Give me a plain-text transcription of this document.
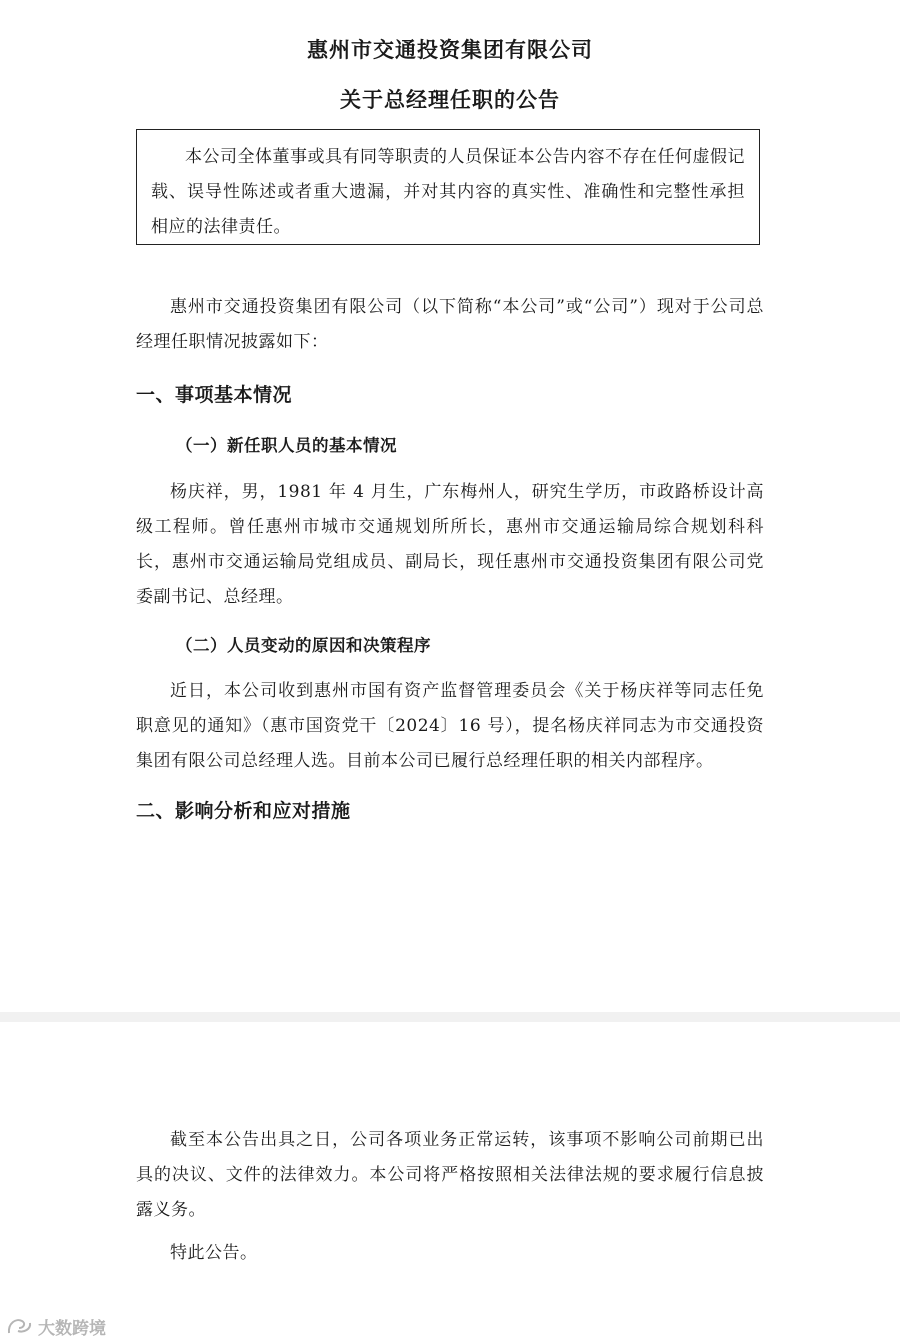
惠州市交通投资集团有限公司
关于总经理任职的公告

本公司全体董事或具有同等职责的人员保证本公告内容不存在任何虚假记载、误导性陈述或者重大遗漏，并对其内容的真实性、准确性和完整性承担相应的法律责任。

惠州市交通投资集团有限公司（以下简称“本公司”或“公司”）现对于公司总经理任职情况披露如下：

一、事项基本情况
（一）新任职人员的基本情况

杨庆祥，男，1981 年 4 月生，广东梅州人，研究生学历，市政路桥设计高级工程师。曾任惠州市城市交通规划所所长，惠州市交通运输局综合规划科科长，惠州市交通运输局党组成员、副局长，现任惠州市交通投资集团有限公司党委副书记、总经理。

（二）人员变动的原因和决策程序

近日，本公司收到惠州市国有资产监督管理委员会《关于杨庆祥等同志任免职意见的通知》（惠市国资党干〔2024〕16 号），提名杨庆祥同志为市交通投资集团有限公司总经理人选。目前本公司已履行总经理任职的相关内部程序。

二、影响分析和应对措施

截至本公告出具之日，公司各项业务正常运转，该事项不影响公司前期已出具的决议、文件的法律效力。本公司将严格按照相关法律法规的要求履行信息披露义务。

特此公告。

大数跨境
